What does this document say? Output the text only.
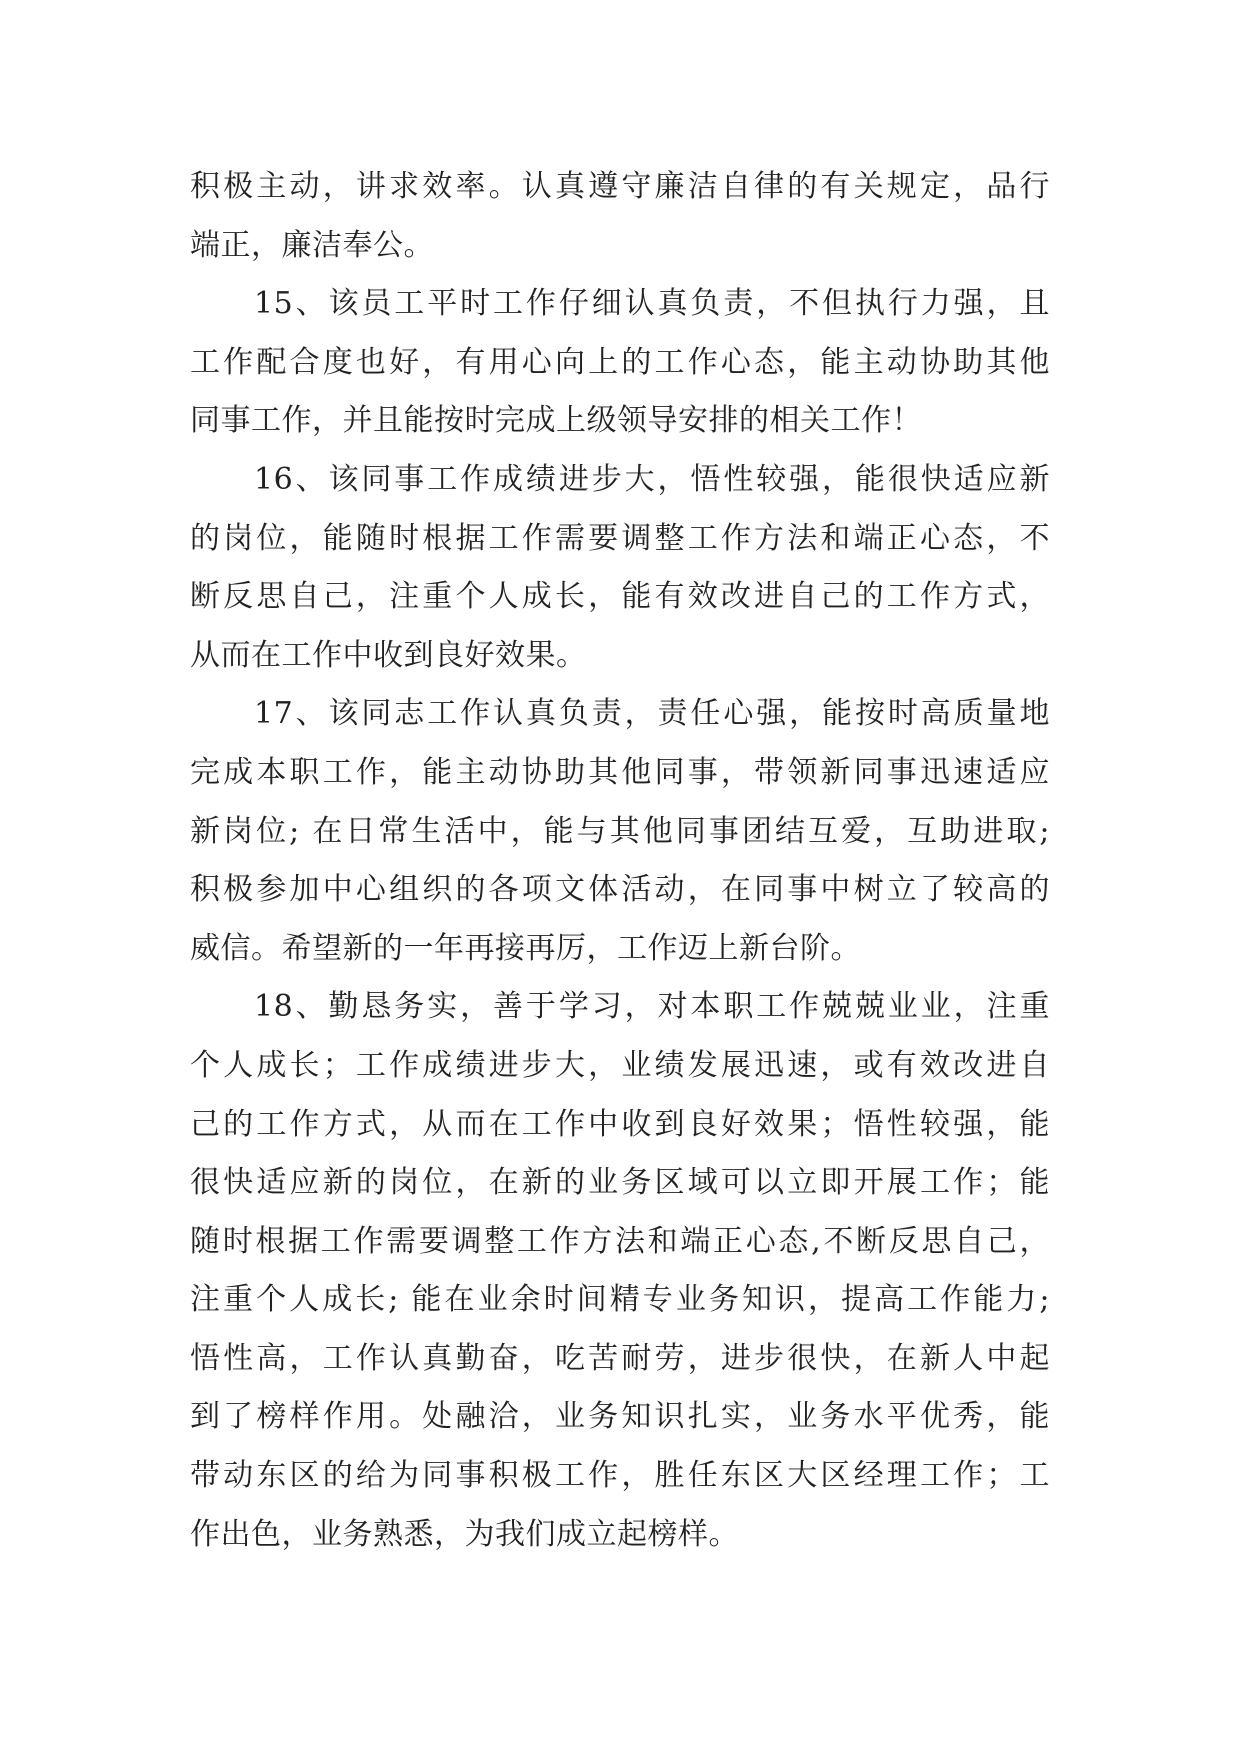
积极主动，讲求效率。认真遵守廉洁自律的有关规定，品行
端正，廉洁奉公。
15、该员工平时工作仔细认真负责，不但执行力强，且
工作配合度也好，有用心向上的工作心态，能主动协助其他
同事工作，并且能按时完成上级领导安排的相关工作！
16、该同事工作成绩进步大，悟性较强，能很快适应新
的岗位，能随时根据工作需要调整工作方法和端正心态，不
断反思自己，注重个人成长，能有效改进自己的工作方式，
从而在工作中收到良好效果。
17、该同志工作认真负责，责任心强，能按时高质量地
完成本职工作，能主动协助其他同事，带领新同事迅速适应
新岗位; 在日常生活中，能与其他同事团结互爱，互助进取;
积极参加中心组织的各项文体活动，在同事中树立了较高的
威信。希望新的一年再接再厉，工作迈上新台阶。
18、勤恳务实，善于学习，对本职工作兢兢业业，注重
个人成长；工作成绩进步大，业绩发展迅速，或有效改进自
己的工作方式，从而在工作中收到良好效果；悟性较强，能
很快适应新的岗位，在新的业务区域可以立即开展工作；能
随时根据工作需要调整工作方法和端正心态,不断反思自己，
注重个人成长; 能在业余时间精专业务知识，提高工作能力;
悟性高，工作认真勤奋，吃苦耐劳，进步很快，在新人中起
到了榜样作用。处融洽，业务知识扎实，业务水平优秀，能
带动东区的给为同事积极工作，胜任东区大区经理工作；工
作出色，业务熟悉，为我们成立起榜样。
